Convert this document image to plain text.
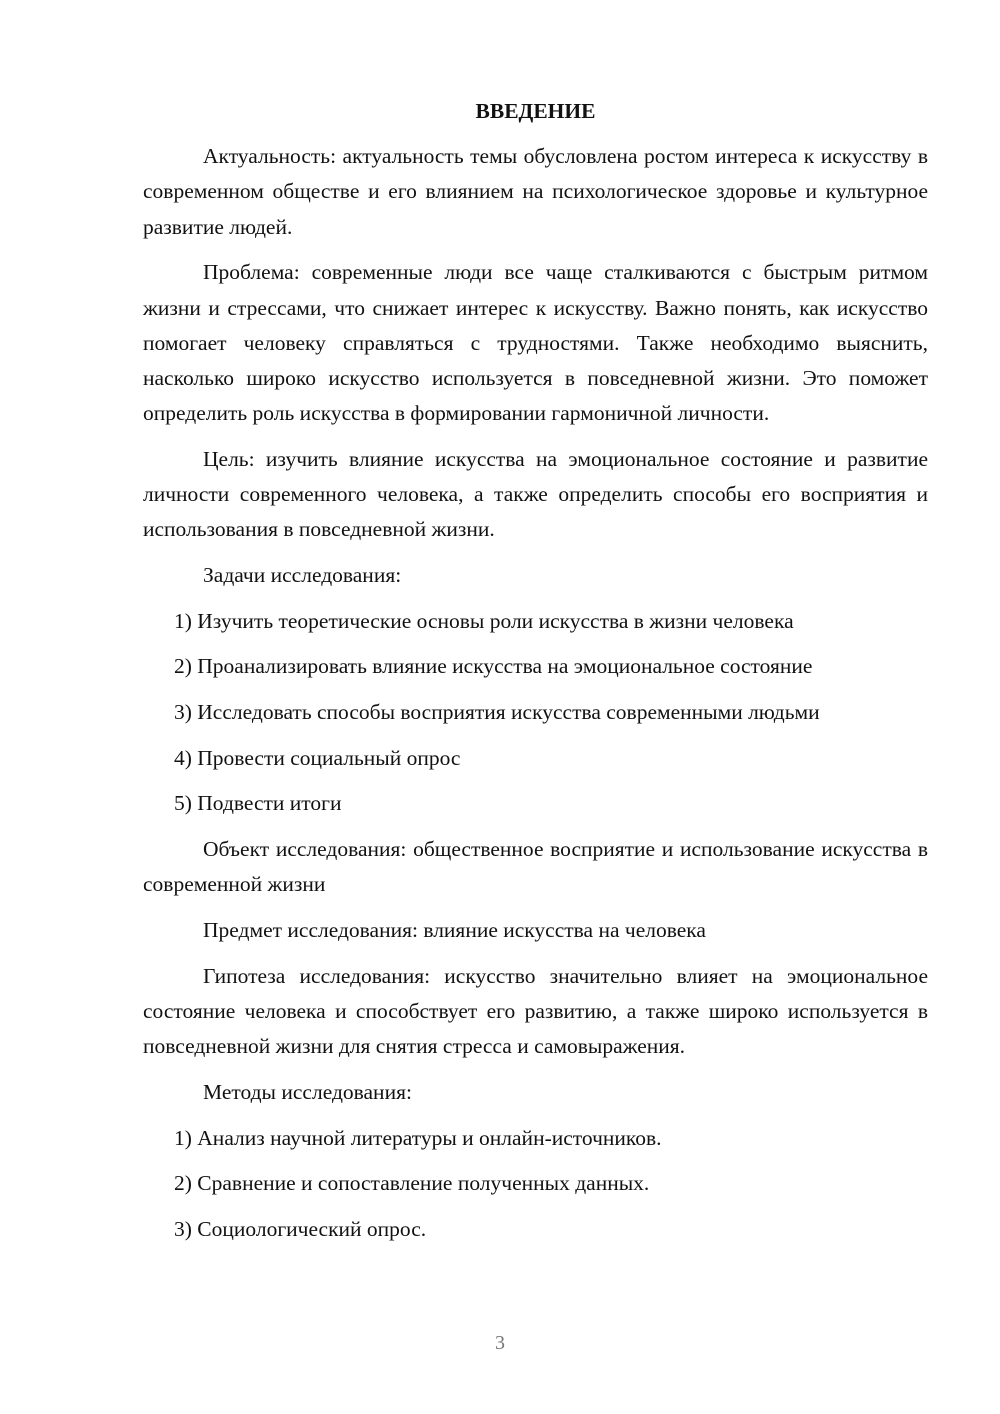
ВВЕДЕНИЕ

Актуальность: актуальность темы обусловлена ростом интереса к искусству в современном обществе и его влиянием на психологическое здоровье и культурное развитие людей.

Проблема: современные люди все чаще сталкиваются с быстрым ритмом жизни и стрессами, что снижает интерес к искусству. Важно понять, как искусство помогает человеку справляться с трудностями. Также необходимо выяснить, насколько широко искусство используется в повседневной жизни. Это поможет определить роль искусства в формировании гармоничной личности.

Цель: изучить влияние искусства на эмоциональное состояние и развитие личности современного человека, а также определить способы его восприятия и использования в повседневной жизни.

Задачи исследования:

1) Изучить теоретические основы роли искусства в жизни человека

2) Проанализировать влияние искусства на эмоциональное состояние

3) Исследовать способы восприятия искусства современными людьми

4) Провести социальный опрос

5) Подвести итоги

Объект исследования: общественное восприятие и использование искусства в современной жизни

Предмет исследования: влияние искусства на человека

Гипотеза исследования: искусство значительно влияет на эмоциональное состояние человека и способствует его развитию, а также широко используется в повседневной жизни для снятия стресса и самовыражения.

Методы исследования:

1) Анализ научной литературы и онлайн-источников.

2) Сравнение и сопоставление полученных данных.

3) Социологический опрос.

3
